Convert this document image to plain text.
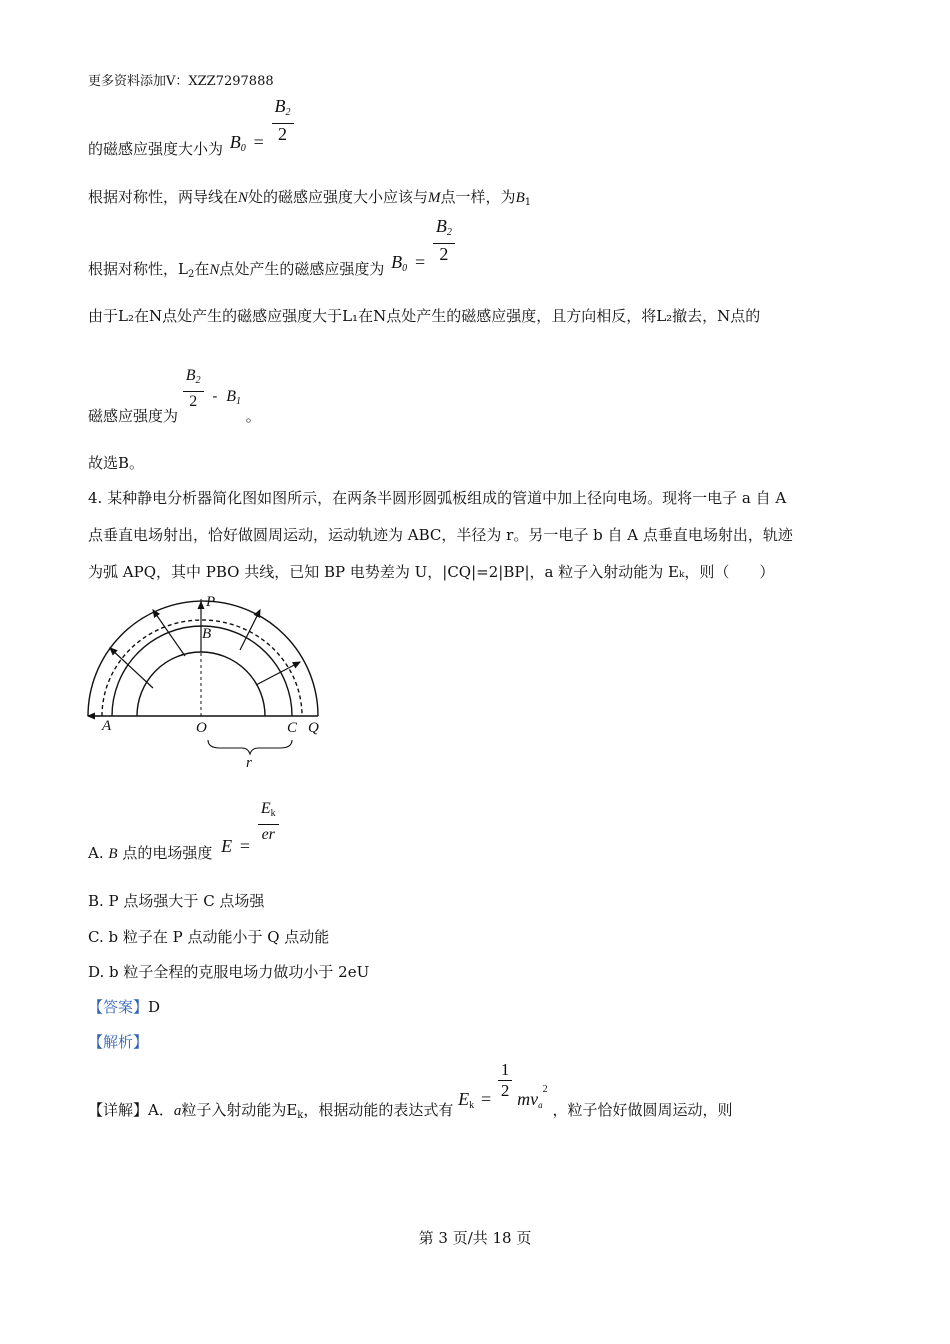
更多资料添加V：XZZ7297888
的磁感应强度大小为 $B_0 = \frac{B_2}{2}$
根据对称性，两导线在N处的磁感应强度大小应该与M点一样，为$B_1$
根据对称性，$L_2$在N点处产生的磁感应强度为 $B_0 = \frac{B_2}{2}$
由于L₂在N点处产生的磁感应强度大于L₁在N点处产生的磁感应强度，且方向相反，将L₂撤去，N点的
磁感应强度为
$\frac{B_2}{2} - B_1$ 。
故选B。
4. 某种静电分析器简化图如图所示，在两条半圆形圆弧板组成的管道中加上径向电场。现将一电子 a 自 A
点垂直电场射出，恰好做圆周运动，运动轨迹为 ABC，半径为 r。另一电子 b 自 A 点垂直电场射出，轨迹
为弧 APQ，其中 PBO 共线，已知 BP 电势差为 U，|CQ|=2|BP|，a 粒子入射动能为 Eₖ，则（　　）
P
B
A	O	C Q
r
A. B 点的电场强度 E =
$\frac{E_k}{er}$
B. P 点场强大于 C 点场强
C. b 粒子在 P 点动能小于 Q 点动能
D. b 粒子全程的克服电场力做功小于 2eU
【答案】D
【解析】
【详解】A．a粒子入射动能为$E_k$，根据动能的表达式有 $E_k = \frac{1}{2} mv_a^2$ ，粒子恰好做圆周运动，则
第 3 页/共 18 页
